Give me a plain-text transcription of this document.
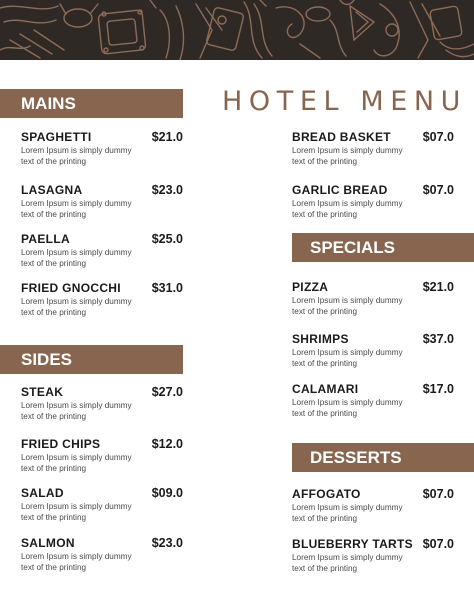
HOTEL MENU
MAINS
SPAGHETTI	$21.0
Lorem Ipsum is simply dummy text of the printing
LASAGNA	$23.0
Lorem Ipsum is simply dummy text of the printing
PAELLA	$25.0
Lorem Ipsum is simply dummy text of the printing
FRIED GNOCCHI $31.0
Lorem Ipsum is simply dummy text of the printing
SIDES
STEAK	$27.0
Lorem Ipsum is simply dummy text of the printing
FRIED CHIPS	$12.0
Lorem Ipsum is simply dummy text of the printing
SALAD	$09.0
Lorem Ipsum is simply dummy text of the printing
SALMON	$23.0
Lorem Ipsum is simply dummy text of the printing
BREAD BASKET	$07.0
Lorem Ipsum is simply dummy text of the printing
GARLIC BREAD	$07.0
Lorem Ipsum is simply dummy text of the printing
SPECIALS
PIZZA	$21.0
Lorem Ipsum is simply dummy text of the printing
SHRIMPS	$37.0
Lorem Ipsum is simply dummy text of the printing
CALAMARI	$17.0
Lorem Ipsum is simply dummy text of the printing
DESSERTS
AFFOGATO	$07.0
Lorem Ipsum is simply dummy text of the printing
BLUEBERRY TARTS $07.0
Lorem Ipsum is simply dummy text of the printing
